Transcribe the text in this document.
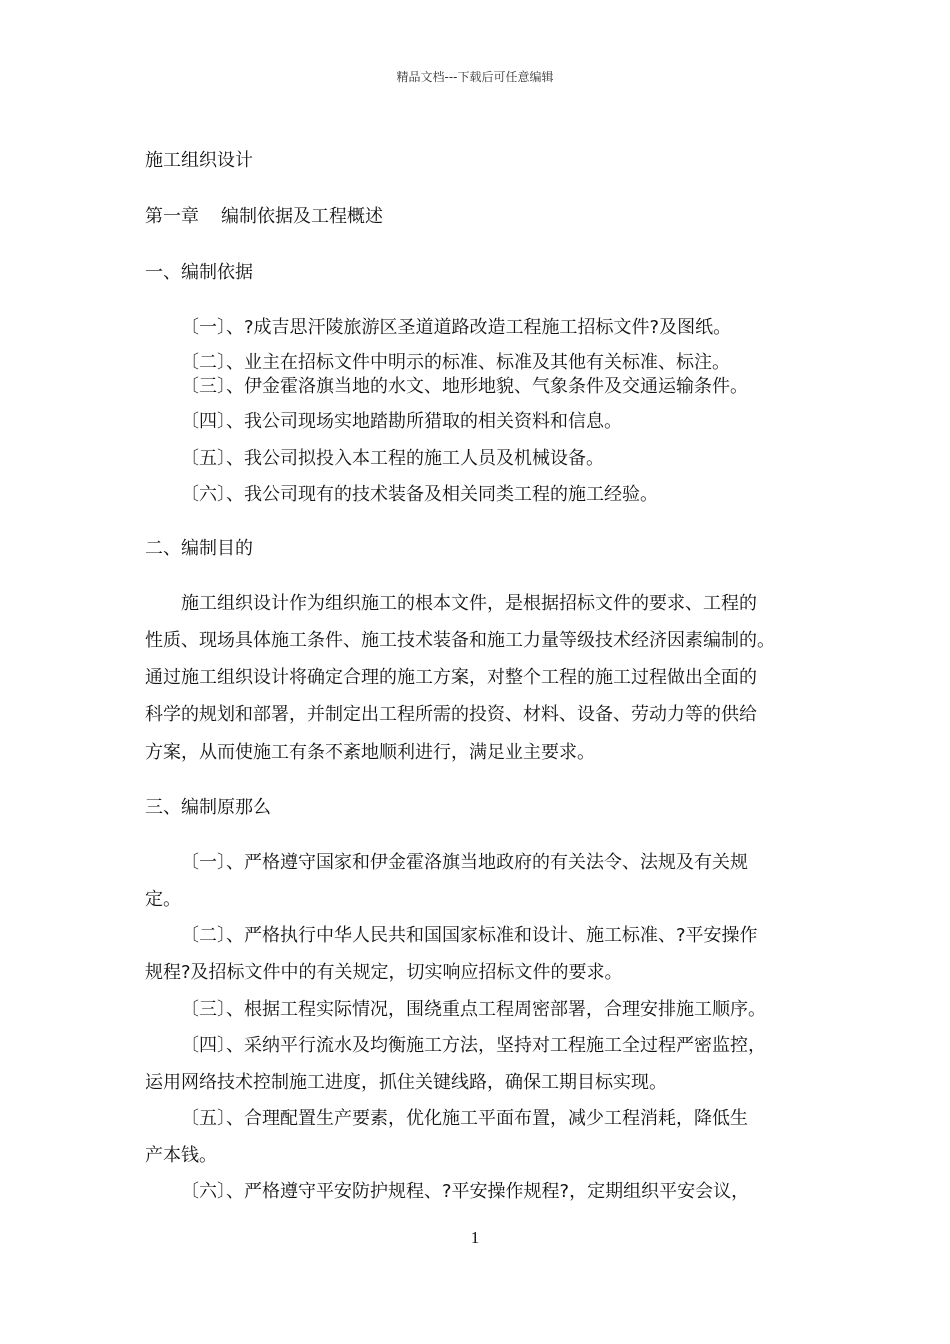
精品文档---下载后可任意编辑
施工组织设计
第一章 编制依据及工程概述
一、编制依据
〔一〕、?成吉思汗陵旅游区圣道道路改造工程施工招标文件?及图纸。
〔二〕、业主在招标文件中明示的标准、标准及其他有关标准、标注。
〔三〕、伊金霍洛旗当地的水文、地形地貌、气象条件及交通运输条件。
〔四〕、我公司现场实地踏勘所猎取的相关资料和信息。
〔五〕、我公司拟投入本工程的施工人员及机械设备。
〔六〕、我公司现有的技术装备及相关同类工程的施工经验。
二、编制目的
施工组织设计作为组织施工的根本文件，是根据招标文件的要求、工程的
性质、现场具体施工条件、施工技术装备和施工力量等级技术经济因素编制的。
通过施工组织设计将确定合理的施工方案，对整个工程的施工过程做出全面的
科学的规划和部署，并制定出工程所需的投资、材料、设备、劳动力等的供给
方案，从而使施工有条不紊地顺利进行，满足业主要求。
三、编制原那么
〔一〕、严格遵守国家和伊金霍洛旗当地政府的有关法令、法规及有关规
定。
〔二〕、严格执行中华人民共和国国家标准和设计、施工标准、?平安操作
规程?及招标文件中的有关规定，切实响应招标文件的要求。
〔三〕、根据工程实际情况，围绕重点工程周密部署，合理安排施工顺序。
〔四〕、采纳平行流水及均衡施工方法，坚持对工程施工全过程严密监控，
运用网络技术控制施工进度，抓住关键线路，确保工期目标实现。
〔五〕、合理配置生产要素，优化施工平面布置，减少工程消耗，降低生
产本钱。
〔六〕、严格遵守平安防护规程、?平安操作规程?，定期组织平安会议，
1
